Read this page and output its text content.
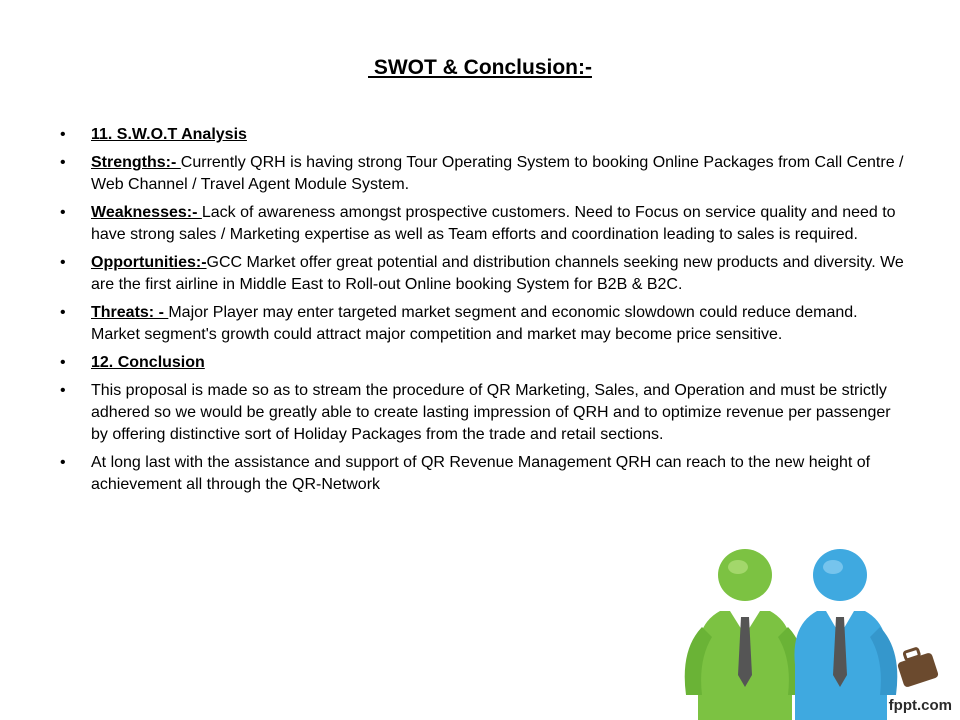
SWOT & Conclusion:-
• 11. S.W.O.T Analysis
• Strengths:- Currently QRH is having strong Tour Operating System to booking Online Packages from Call Centre / Web Channel / Travel Agent Module System.
• Weaknesses:- Lack of awareness amongst prospective customers. Need to Focus on service quality and need to have strong sales / Marketing expertise as well as Team efforts and coordination leading to sales is required.
• Opportunities:-GCC Market offer great potential and distribution channels seeking new products and diversity. We are the first airline in Middle East to Roll-out Online booking System for B2B & B2C.
• Threats: - Major Player may enter targeted market segment and economic slowdown could reduce demand. Market segment's growth could attract major competition and market may become price sensitive.
• 12. Conclusion
• This proposal is made so as to stream the procedure of QR Marketing, Sales, and Operation and must be strictly adhered so we would be greatly able to create lasting impression of QRH and to optimize revenue per passenger by offering distinctive sort of Holiday Packages from the trade and retail sections.
• At long last with the assistance and support of QR Revenue Management QRH can reach to the new height of achievement all through the QR-Network
fppt.com
